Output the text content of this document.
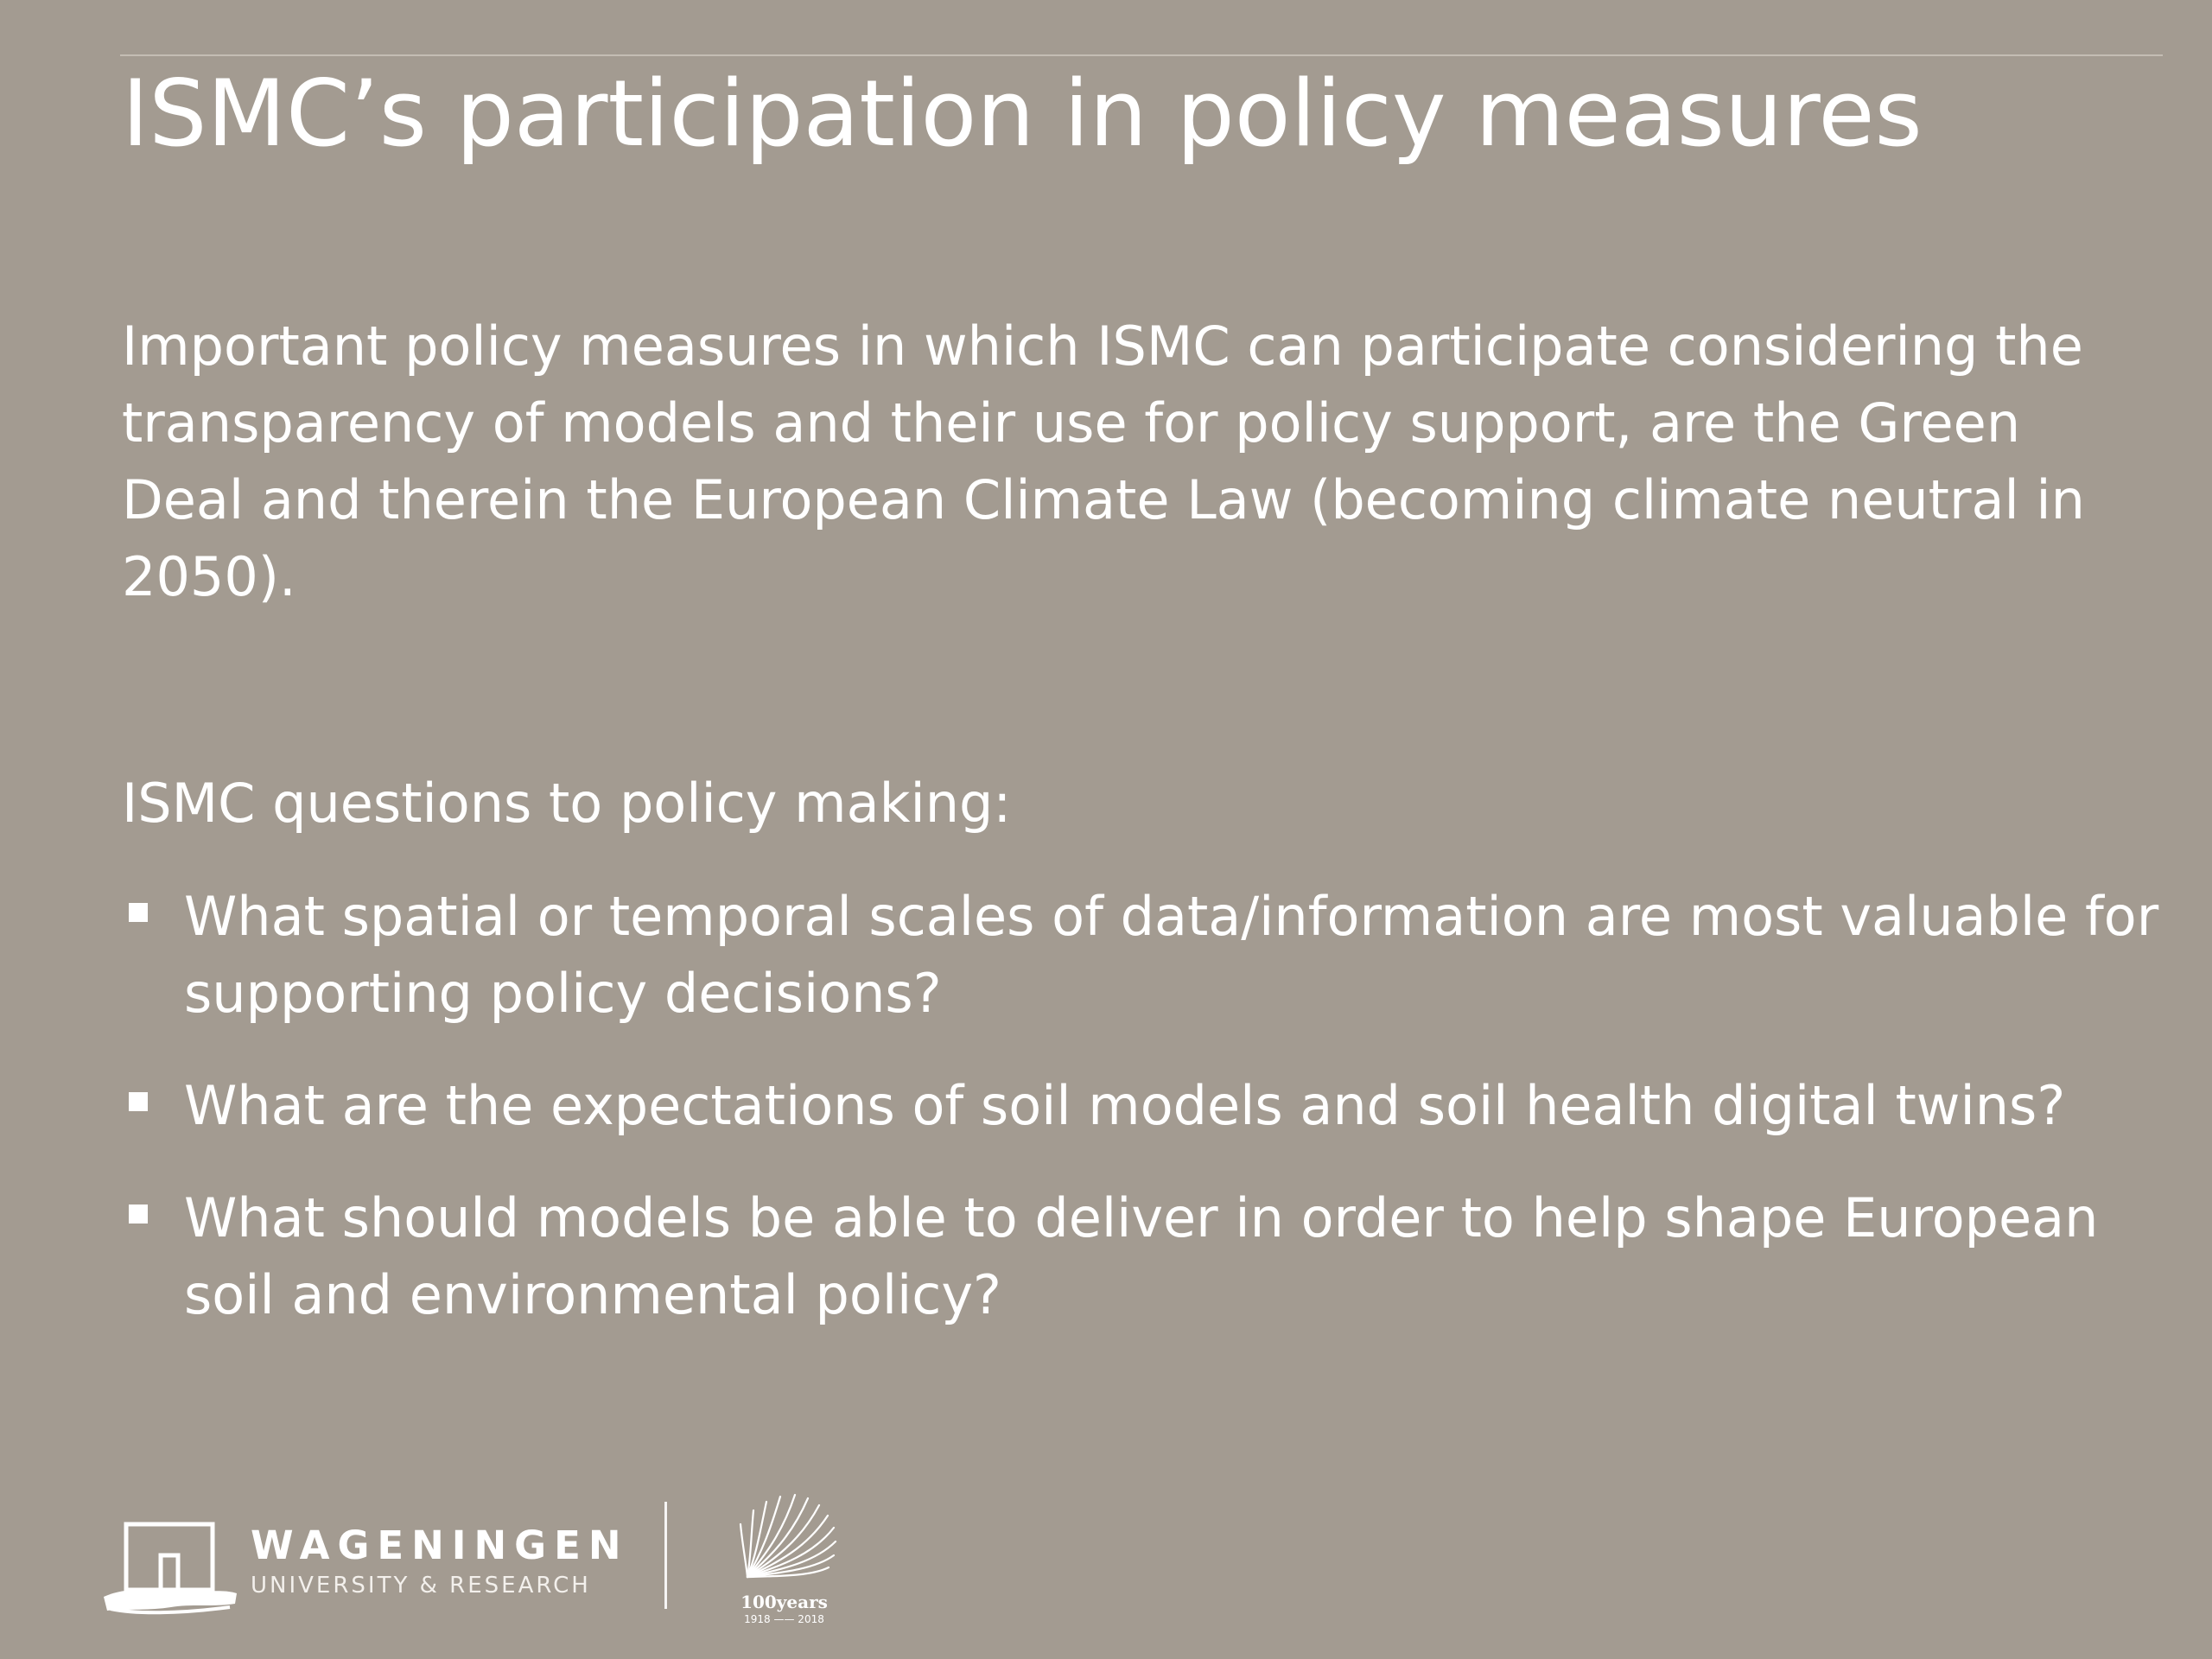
ISMC’s participation in policy measures

Important policy measures in which ISMC can participate considering the transparency of models and their use for policy support, are the Green Deal and therein the European Climate Law (becoming climate neutral in 2050).

ISMC questions to policy making:

What spatial or temporal scales of data/information are most valuable for supporting policy decisions?
What are the expectations of soil models and soil health digital twins?
What should models be able to deliver in order to help shape European soil and environmental policy?
WAGENINGEN
UNIVERSITY & RESEARCH
100years
1918 —— 2018
